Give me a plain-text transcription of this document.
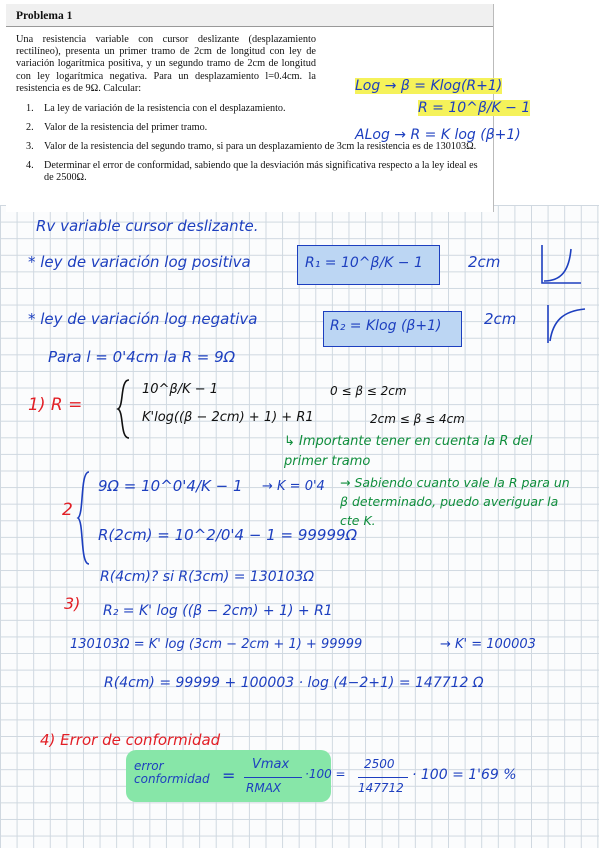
Problema 1
Una resistencia variable con cursor deslizante (desplazamiento rectilíneo), presenta un primer tramo de 2cm de longitud con ley de variación logarítmica positiva, y un segundo tramo de 2cm de longitud con ley logarítmica negativa. Para un desplazamiento l=0.4cm. la resistencia es de 9Ω. Calcular:
1.	La ley de variación de la resistencia con el desplazamiento.
2.	Valor de la resistencia del primer tramo.
3.	Valor de la resistencia del segundo tramo, si para un desplazamiento de 3cm la resistencia es de 130103Ω.
4.	Determinar el error de conformidad, sabiendo que la desviación más significativa respecto a la ley ideal es de 2500Ω.
Log → β = Klog(R+1)
R = 10^β/K − 1
ALog → R = K log (β+1)
Rv variable cursor deslizante.
* ley de variación log positiva	R₁ = 10^β/K − 1	2cm
* ley de variación log negativa	R₂ = Klog (β+1)	2cm
Para l = 0'4cm la R = 9Ω
1) R =
10^β/K − 1	0 ≤ β ≤ 2cm
K'log((β − 2cm) + 1) + R1	2cm ≤ β ≤ 4cm
↳ Importante tener en cuenta la R del primer tramo
2
9Ω = 10^0'4/K − 1 → K = 0'4 → Sabiendo cuanto vale la R para un β determinado, puedo averiguar la cte K.
R(2cm) = 10^2/0'4 − 1 = 99999Ω
R(4cm)? si R(3cm) = 130103Ω
3) R₂ = K' log ((β − 2cm) + 1) + R1
130103Ω = K' log (3cm − 2cm + 1) + 99999	→ K' = 100003
R(4cm) = 99999 + 100003 · log (4−2+1) = 147712 Ω
4) Error de conformidad
error conformidad =
Vmax
RMAX
·100 =
2500
147712
· 100 = 1'69 %
